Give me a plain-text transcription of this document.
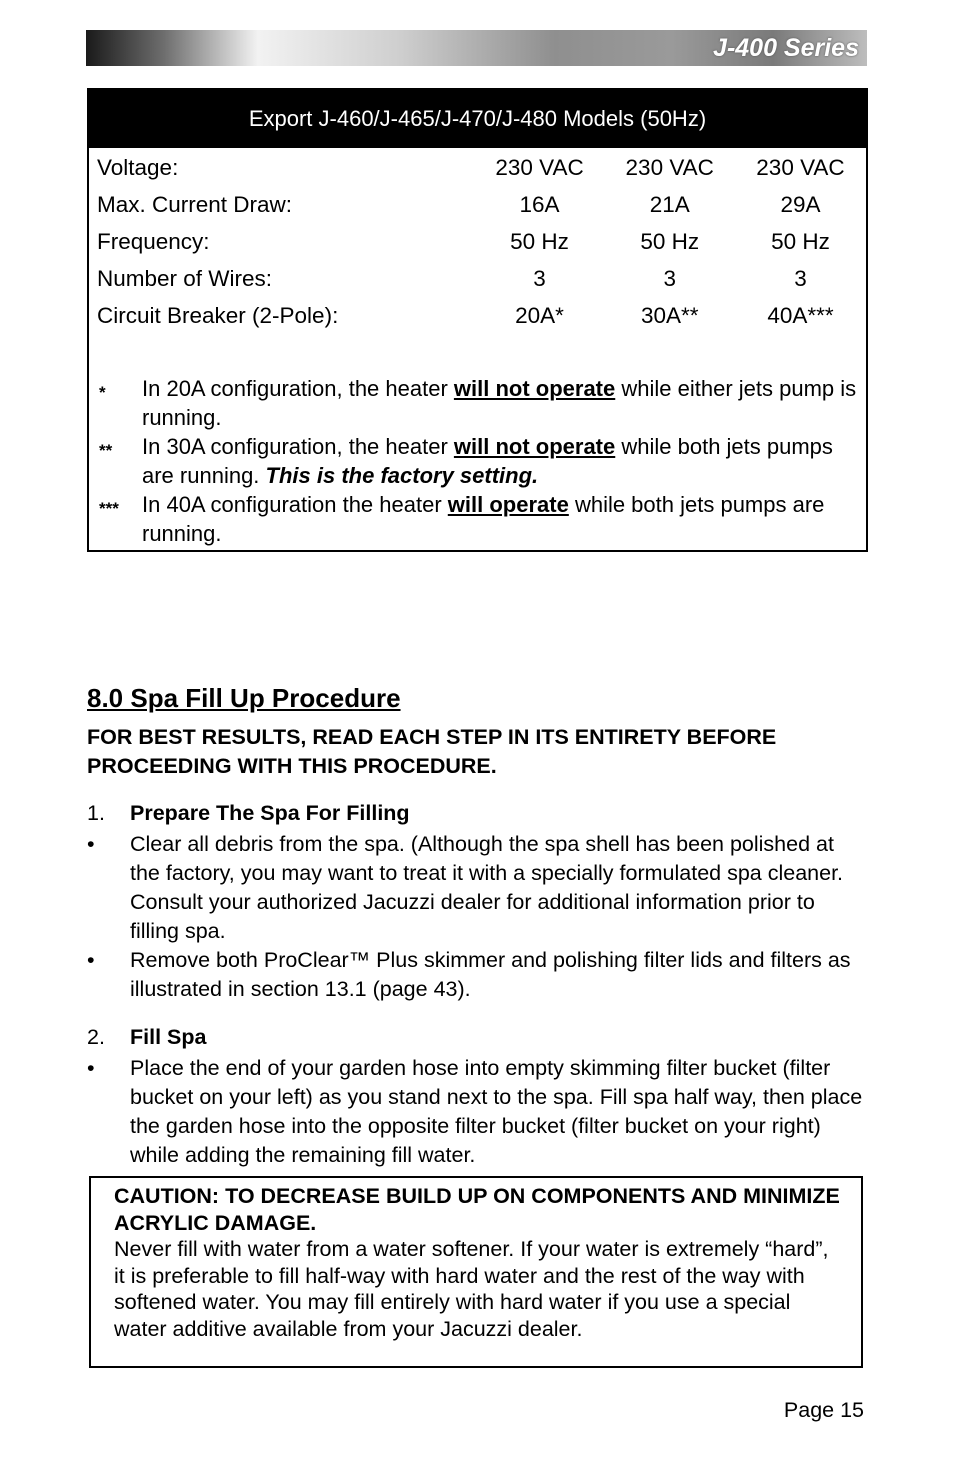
J-400 Series
Export J-460/J-465/J-470/J-480 Models (50Hz)
Voltage:	230 VAC	230 VAC	230 VAC
Max. Current Draw:	16A	21A	29A
Frequency:	50 Hz	50 Hz	50 Hz
Number of Wires:	3	3	3
Circuit Breaker (2-Pole):	20A*	30A**	40A***
*	In 20A configuration, the heater will not operate while either jets pump is running.
**	In 30A configuration, the heater will not operate while both jets pumps are running. This is the factory setting.
***	In 40A configuration the heater will operate while both jets pumps are running.
8.0 Spa Fill Up Procedure
FOR BEST RESULTS, READ EACH STEP IN ITS ENTIRETY BEFORE PROCEEDING WITH THIS PROCEDURE.
1.	Prepare The Spa For Filling
•	Clear all debris from the spa. (Although the spa shell has been polished at the factory, you may want to treat it with a specially formulated spa cleaner. Consult your authorized Jacuzzi dealer for additional information prior to filling spa.
•	Remove both ProClear™ Plus skimmer and polishing filter lids and filters as illustrated in section 13.1 (page 43).
2.	Fill Spa
•	Place the end of your garden hose into empty skimming filter bucket (filter bucket on your left) as you stand next to the spa. Fill spa half way, then place the garden hose into the opposite filter bucket (filter bucket on your right) while adding the remaining fill water.
CAUTION: TO DECREASE BUILD UP ON COMPONENTS AND MINIMIZE ACRYLIC DAMAGE.
Never fill with water from a water softener. If your water is extremely “hard”, it is preferable to fill half-way with hard water and the rest of the way with softened water. You may fill entirely with hard water if you use a special water additive available from your Jacuzzi dealer.
Page 15
